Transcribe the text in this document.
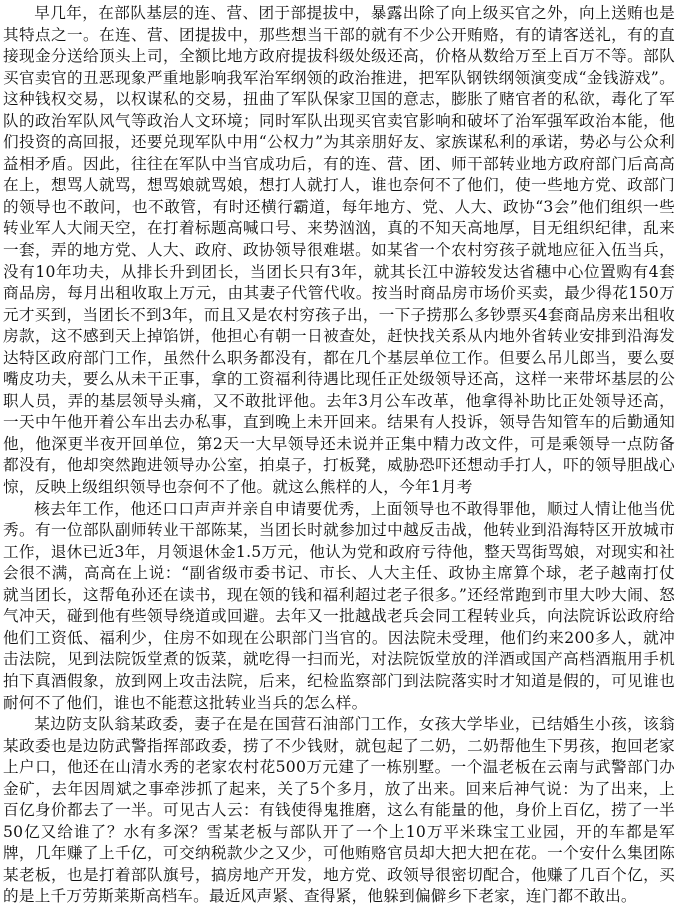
早几年，在部队基层的连、营、团于部提拔中，暴露出除了向上级买官之外，向上送贿也是其特点之一。在连、营、团提拔中，那些想当干部的就有不少公开贿赂，有的请客送礼，有的直接现金分送给顶头上司，全额比地方政府提拔科级处级还高，价格从数给万至上百万不等。部队买官卖官的丑恶现象严重地影响我军治军纲领的政治推进，把军队钢铁纲领演变成“金钱游戏”。这种钱权交易，以权谋私的交易，扭曲了军队保家卫国的意志，膨胀了赌官者的私欲，毒化了军队的政治军队风气等政治人文环境；同时军队出现买官卖官影响和破坏了治军强军政治本能，他们投资的高回报，还要兑现军队中用“公权力”为其亲朋好友、家族谋私利的承诺，势必与公众利益相矛盾。因此，往往在军队中当官成功后，有的连、营、团、师干部转业地方政府部门后高高在上，想骂人就骂，想骂娘就骂娘，想打人就打人，谁也奈何不了他们，使一些地方党、政部门的领导也不敢问，也不敢管，有时还横行霸道，每年地方、党、人大、政协“3会”他们组织一些转业军人大闹天空，在打着标题高喊口号、来势汹汹，真的不知天高地厚，目无组织纪律，乱来一套，弄的地方党、人大、政府、政协领导很难堪。如某省一个农村穷孩子就地应征入伍当兵，没有10年功夫，从排长升到团长，当团长只有3年，就其长江中游较发达省穗中心位置购有4套商品房，每月出租收取上万元，由其妻子代管代收。按当时商品房市场价买卖，最少得花150万元才买到，当团长不到3年，而且又是农村穷孩子出，一下子捞那么多钞票买4套商品房来出租收房款，这不感到天上掉馅饼，他担心有朝一日被查处，赶快找关系从内地外省转业安排到沿海发达特区政府部门工作，虽然什么职务都没有，都在几个基层单位工作。但要么吊儿郎当，要么耍嘴皮功夫，要么从未干正事，拿的工资福利待遇比现任正处级领导还高，这样一来带坏基层的公职人员，弄的基层领导头痛，又不敢批评他。去年3月公车改革，他拿得补助比正处领导还高，一天中午他开着公车出去办私事，直到晚上未开回来。结果有人投诉，领导告知管车的后勤通知他，他深更半夜开回单位，第2天一大早领导还未说并正集中精力改文件，可是乘领导一点防备都没有，他却突然跑进领导办公室，拍桌子，打板凳，威胁恐吓还想动手打人，吓的领导胆战心惊，反映上级组织领导也奈何不了他。就这么熊样的人，今年1月考

核去年工作，他还口口声声并亲自申请要优秀，上面领导也不敢得罪他，顺过人情让他当优秀。有一位部队副师转业干部陈某，当团长时就参加过中越反击战，他转业到沿海特区开放城市工作，退休已近3年，月领退休金1.5万元，他认为党和政府亏待他，整天骂街骂娘，对现实和社会很不满，高高在上说：“副省级市委书记、市长、人大主任、政协主席算个球，老子越南打仗就当团长，这帮龟孙还在读书，现在领的钱和福利超过老子很多。”还经常跑到市里大吵大闹、怒气冲天，碰到他有些领导绕道或回避。去年又一批越战老兵会同工程转业兵，向法院诉讼政府给他们工资低、福利少，住房不如现在公职部门当官的。因法院未受理，他们约来200多人，就冲击法院，见到法院饭堂煮的饭菜，就吃得一扫而光，对法院饭堂放的洋酒或国产高档酒瓶用手机拍下真酒假象，放到网上攻击法院，后来，纪检监察部门到法院落实时才知道是假的，可见谁也耐何不了他们，谁也不能惹这批转业当兵的怎么样。

某边防支队翁某政委，妻子在是在国营石油部门工作，女孩大学毕业，已结婚生小孩，该翁某政委也是边防武警指挥部政委，捞了不少钱财，就包起了二奶，二奶帮他生下男孩，抱回老家上户口，他还在山清水秀的老家农村花500万元建了一栋别墅。一个温老板在云南与武警部门办金矿，去年因周斌之事牵涉抓了起来，关了5个多月，放了出来。回来后神气说：为了出来，上百亿身价都去了一半。可见古人云：有钱使得鬼推磨，这么有能量的他，身价上百亿，捞了一半50亿又给谁了？水有多深？雪某老板与部队开了一个上10万平米珠宝工业园，开的车都是军牌，几年赚了上千亿，可交纳税款少之又少，可他贿赂官员却大把大把在花。一个安什么集团陈某老板，也是打着部队旗号，搞房地产开发，地方党、政领导很密切配合，他赚了几百个亿，买的是上千万劳斯莱斯高档车。最近风声紧、查得紧，他躲到偏僻乡下老家，连门都不敢出。
